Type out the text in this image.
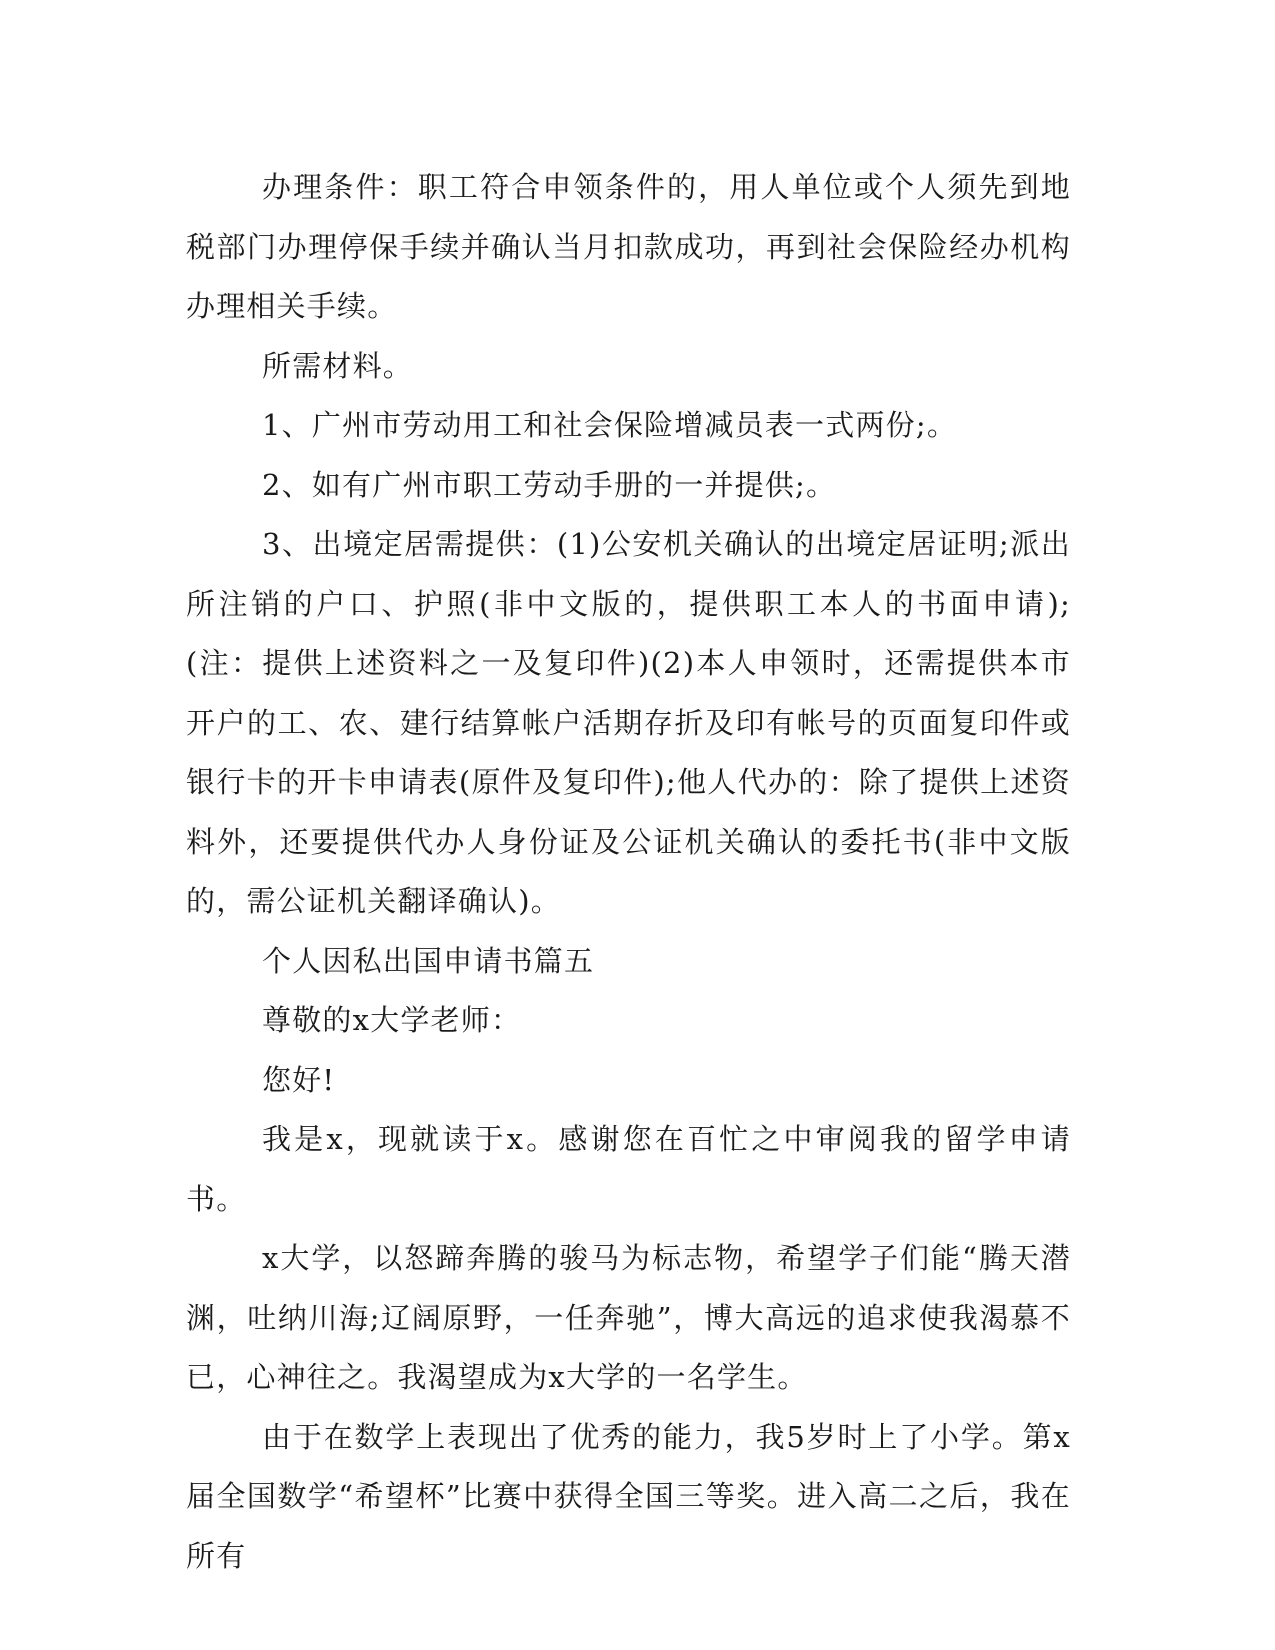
办理条件：职工符合申领条件的，用人单位或个人须先到地税部门办理停保手续并确认当月扣款成功，再到社会保险经办机构办理相关手续。

所需材料。

1、广州市劳动用工和社会保险增减员表一式两份;。

2、如有广州市职工劳动手册的一并提供;。

3、出境定居需提供：(1)公安机关确认的出境定居证明;派出所注销的户口、护照(非中文版的，提供职工本人的书面申请);(注：提供上述资料之一及复印件)(2)本人申领时，还需提供本市开户的工、农、建行结算帐户活期存折及印有帐号的页面复印件或银行卡的开卡申请表(原件及复印件);他人代办的：除了提供上述资料外，还要提供代办人身份证及公证机关确认的委托书(非中文版的，需公证机关翻译确认)。

个人因私出国申请书篇五

尊敬的x大学老师：

您好!

我是x，现就读于x。感谢您在百忙之中审阅我的留学申请书。

x大学，以怒蹄奔腾的骏马为标志物，希望学子们能“腾天潜渊，吐纳川海;辽阔原野，一任奔驰”，博大高远的追求使我渴慕不已，心神往之。我渴望成为x大学的一名学生。

由于在数学上表现出了优秀的能力，我5岁时上了小学。第x届全国数学“希望杯”比赛中获得全国三等奖。进入高二之后，我在所有
